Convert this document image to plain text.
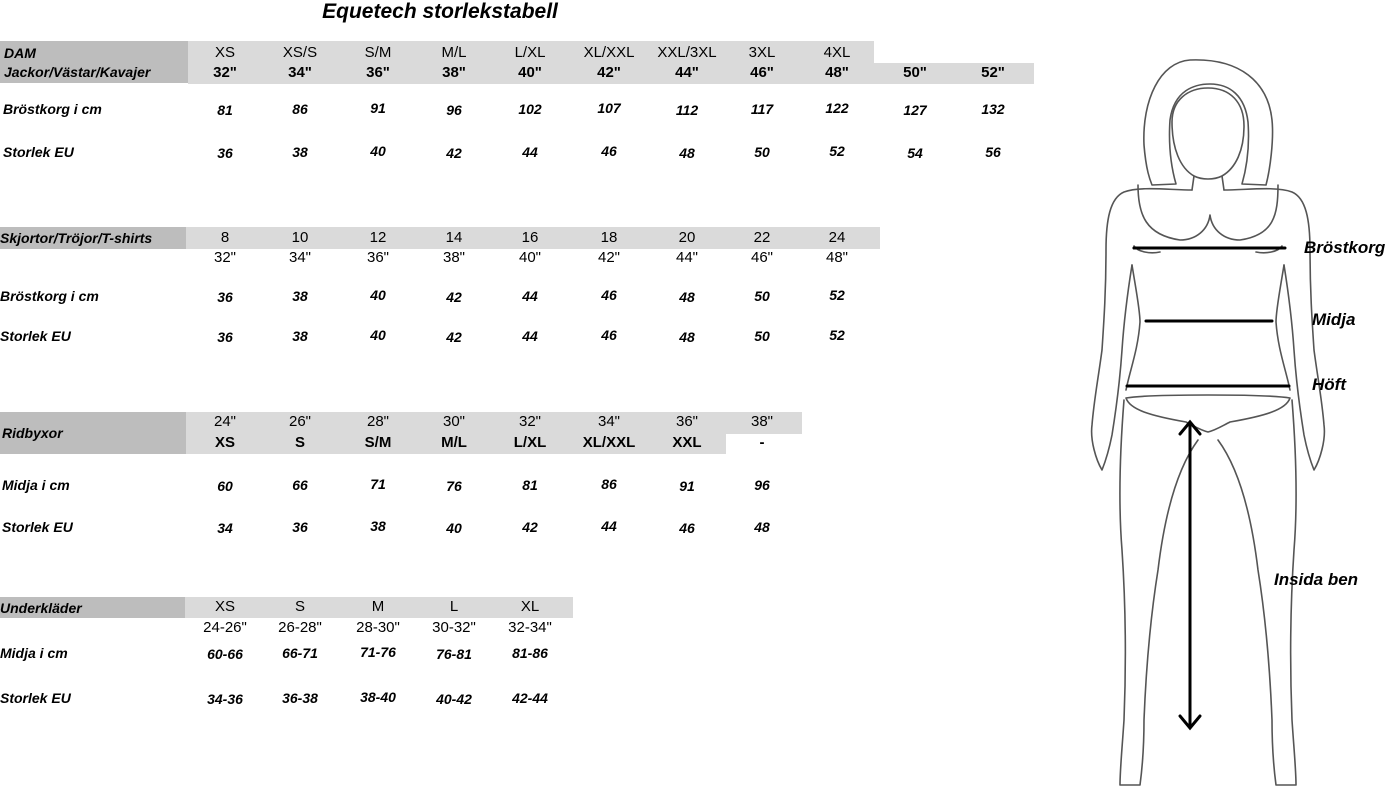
Equetech storlekstabell
DAM
Jackor/Västar/Kavajer
XS	XS/S	S/M	M/L	L/XL	XL/XXL XXL/3XL 3XL	4XL
32"	34"	36"	38"	40"	42"	44"	46"	48"	50"	52"
Bröstkorg i cm	81	86	91	96	102	107	112	117	122	127	132
Storlek EU	36	38	40	42	44	46	48	50	52	54	56
Skjortor/Tröjor/T-shirts	8	10	12	14	16	18	20	22	24
32"	34"	36"	38"	40"	42"	44"	46"	48"
Bröstkorg i cm	36	38	40	42	44	46	48	50	52
Storlek EU	36	38	40	42	44	46	48	50	52
Ridbyxor
24"	26"	28"	30"	32"	34"	36"	38"
XS	S	S/M	M/L	L/XL XL/XXL XXL	-
Midja i cm	60	66	71	76	81	86	91	96
Storlek EU	34	36	38	40	42	44	46	48
Underkläder	XS	S	M	L	XL
24-26" 26-28" 28-30" 30-32" 32-34"
Midja i cm	60-66	66-71	71-76	76-81	81-86
Storlek EU	34-36	36-38	38-40	40-42	42-44
Bröstkorg
Midja
Höft
Insida ben
